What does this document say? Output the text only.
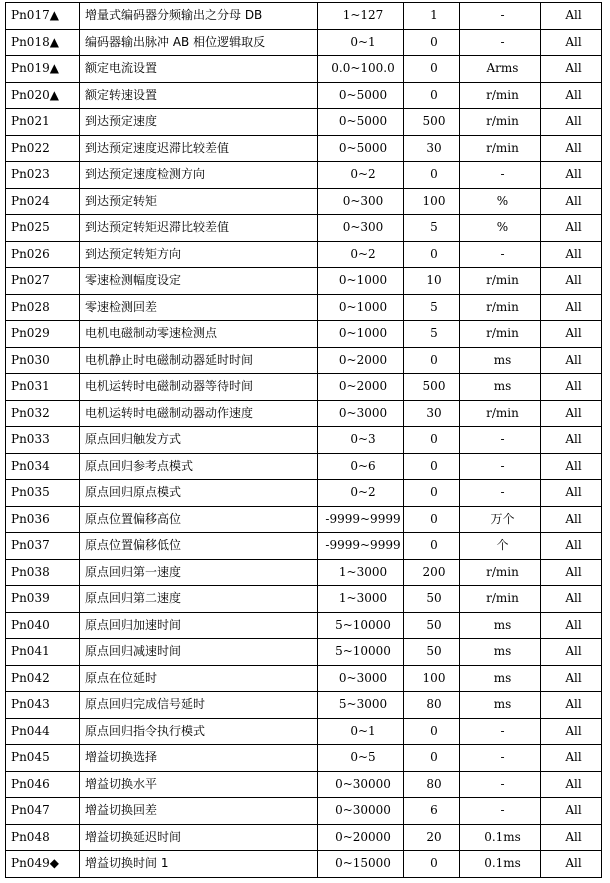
Pn017▲	增量式编码器分频输出之分母 DB	1~127	1	-	All
Pn018▲	编码器输出脉冲 AB 相位逻辑取反	0~1	0	-	All
Pn019▲	额定电流设置	0.0~100.0	0	Arms	All
Pn020▲	额定转速设置	0~5000	0	r/min	All
Pn021	到达预定速度	0~5000	500	r/min	All
Pn022	到达预定速度迟滞比较差值	0~5000	30	r/min	All
Pn023	到达预定速度检测方向	0~2	0	-	All
Pn024	到达预定转矩	0~300	100	%	All
Pn025	到达预定转矩迟滞比较差值	0~300	5	%	All
Pn026	到达预定转矩方向	0~2	0	-	All
Pn027	零速检测幅度设定	0~1000	10	r/min	All
Pn028	零速检测回差	0~1000	5	r/min	All
Pn029	电机电磁制动零速检测点	0~1000	5	r/min	All
Pn030	电机静止时电磁制动器延时时间	0~2000	0	ms	All
Pn031	电机运转时电磁制动器等待时间	0~2000	500	ms	All
Pn032	电机运转时电磁制动器动作速度	0~3000	30	r/min	All
Pn033	原点回归触发方式	0~3	0	-	All
Pn034	原点回归参考点模式	0~6	0	-	All
Pn035	原点回归原点模式	0~2	0	-	All
Pn036	原点位置偏移高位	-9999~9999	0	万个	All
Pn037	原点位置偏移低位	-9999~9999	0	个	All
Pn038	原点回归第一速度	1~3000	200	r/min	All
Pn039	原点回归第二速度	1~3000	50	r/min	All
Pn040	原点回归加速时间	5~10000	50	ms	All
Pn041	原点回归减速时间	5~10000	50	ms	All
Pn042	原点在位延时	0~3000	100	ms	All
Pn043	原点回归完成信号延时	5~3000	80	ms	All
Pn044	原点回归指令执行模式	0~1	0	-	All
Pn045	增益切换选择	0~5	0	-	All
Pn046	增益切换水平	0~30000	80	-	All
Pn047	增益切换回差	0~30000	6	-	All
Pn048	增益切换延迟时间	0~20000	20	0.1ms	All
Pn049◆	增益切换时间 1	0~15000	0	0.1ms	All
